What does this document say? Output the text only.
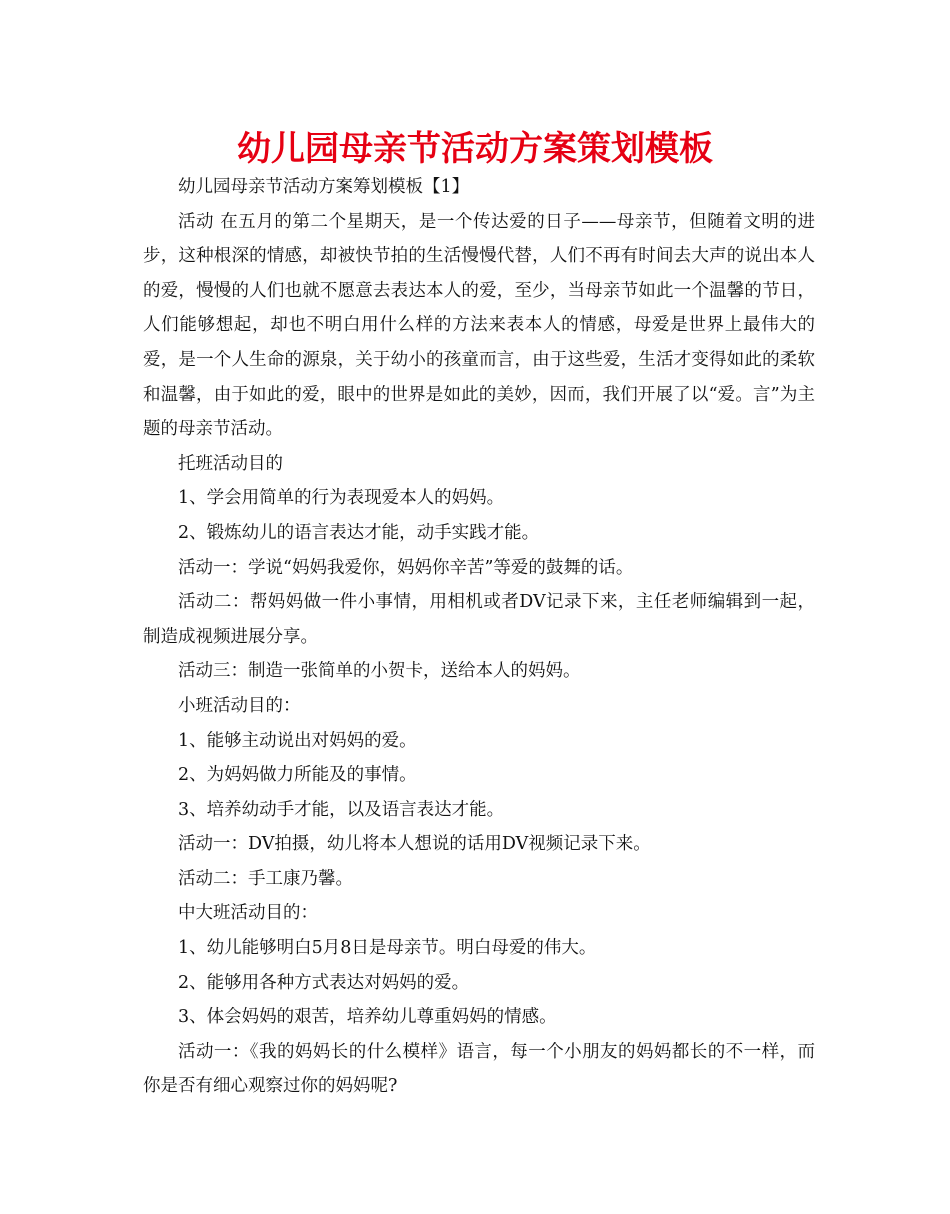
幼儿园母亲节活动方案策划模板

幼儿园母亲节活动方案筹划模板【1】

活动 在五月的第二个星期天，是一个传达爱的日子——母亲节，但随着文明的进步，这种根深的情感，却被快节拍的生活慢慢代替，人们不再有时间去大声的说出本人的爱，慢慢的人们也就不愿意去表达本人的爱，至少，当母亲节如此一个温馨的节日，人们能够想起，却也不明白用什么样的方法来表本人的情感，母爱是世界上最伟大的爱，是一个人生命的源泉，关于幼小的孩童而言，由于这些爱，生活才变得如此的柔软和温馨，由于如此的爱，眼中的世界是如此的美妙，因而，我们开展了以“爱。言”为主题的母亲节活动。

托班活动目的

1、学会用简单的行为表现爱本人的妈妈。

2、锻炼幼儿的语言表达才能，动手实践才能。

活动一：学说“妈妈我爱你，妈妈你辛苦”等爱的鼓舞的话。

活动二：帮妈妈做一件小事情，用相机或者DV记录下来，主任老师编辑到一起，制造成视频进展分享。

活动三：制造一张简单的小贺卡，送给本人的妈妈。

小班活动目的：

1、能够主动说出对妈妈的爱。

2、为妈妈做力所能及的事情。

3、培养幼动手才能，以及语言表达才能。

活动一：DV拍摄，幼儿将本人想说的话用DV视频记录下来。

活动二：手工康乃馨。

中大班活动目的：

1、幼儿能够明白5月8日是母亲节。明白母爱的伟大。

2、能够用各种方式表达对妈妈的爱。

3、体会妈妈的艰苦，培养幼儿尊重妈妈的情感。

活动一：《我的妈妈长的什么模样》语言，每一个小朋友的妈妈都长的不一样，而你是否有细心观察过你的妈妈呢?
